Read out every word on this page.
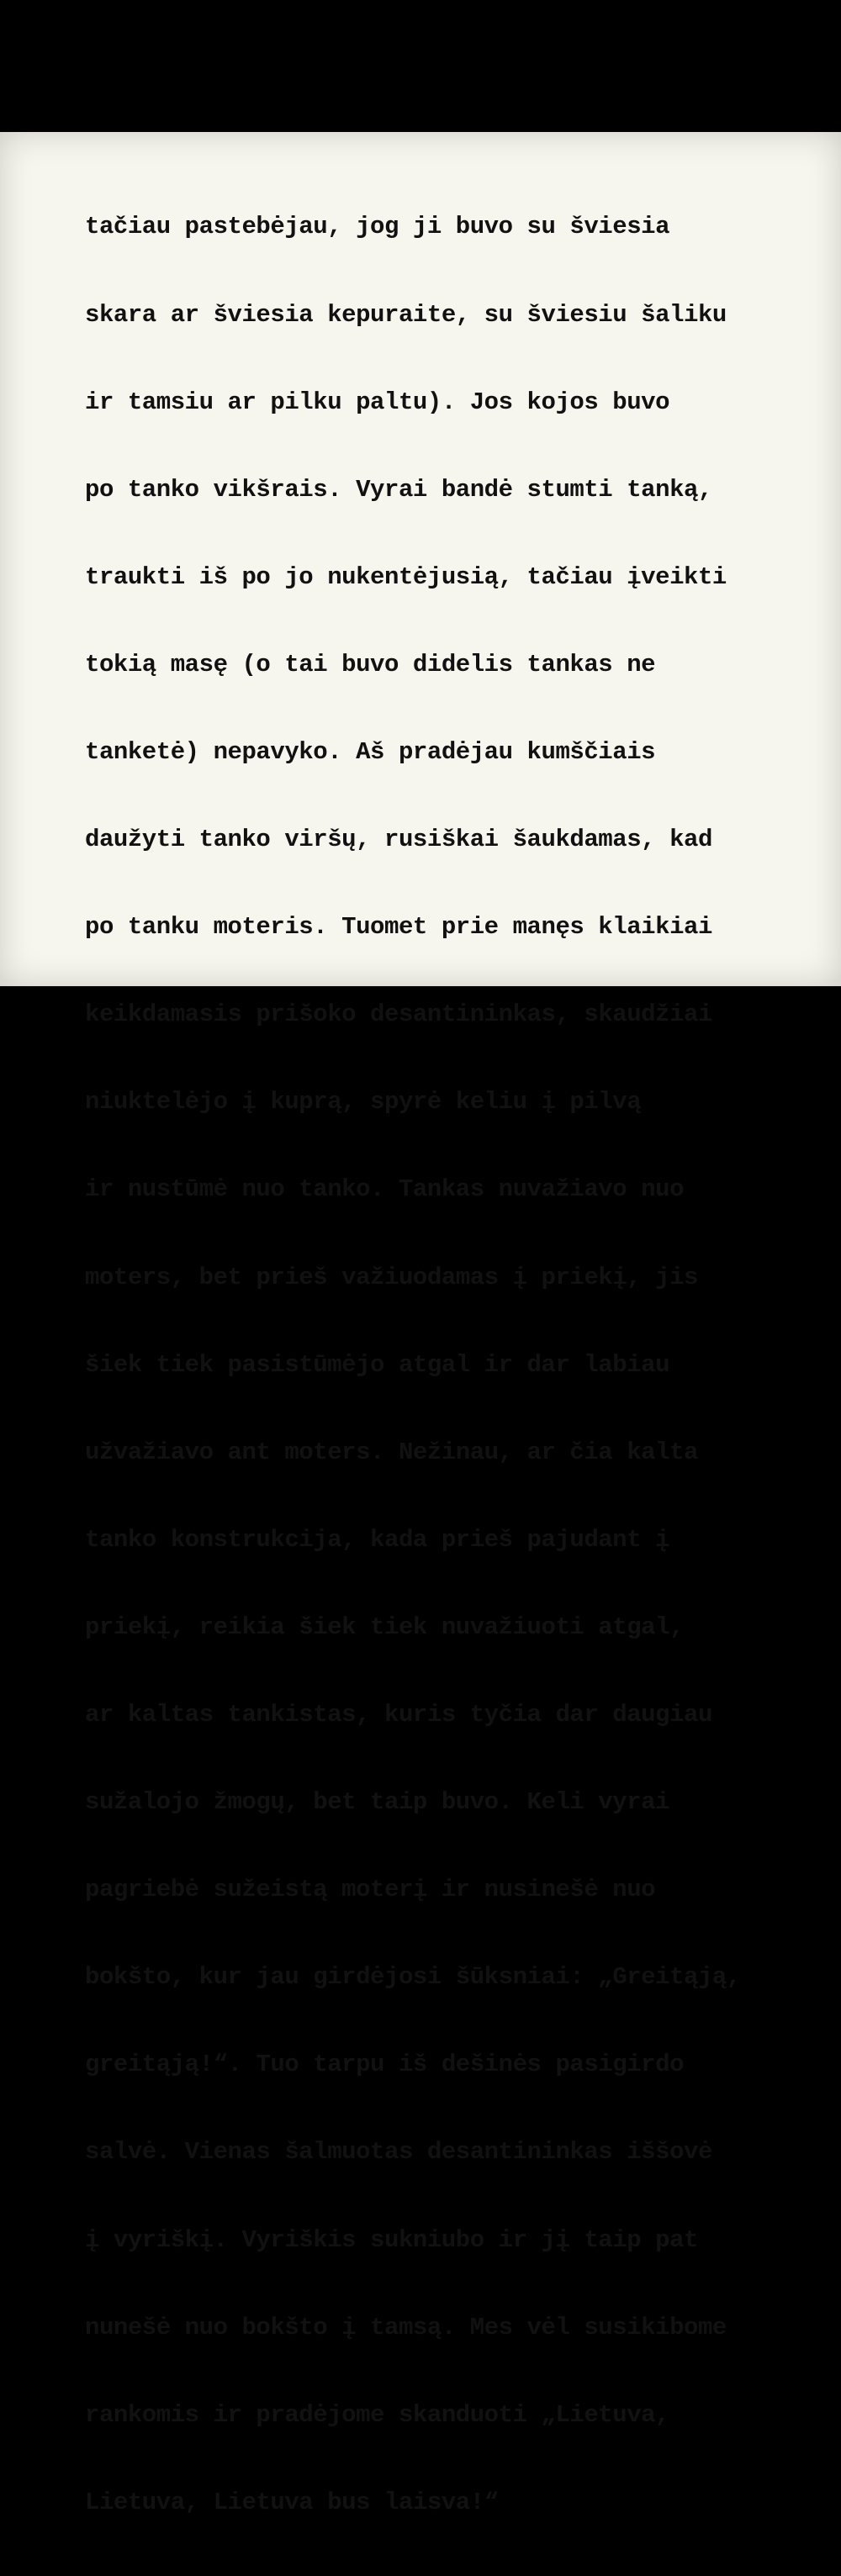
tačiau pastebėjau, jog ji buvo su šviesia

skara ar šviesia kepuraite, su šviesiu šaliku

ir tamsiu ar pilku paltu). Jos kojos buvo

po tanko vikšrais. Vyrai bandė stumti tanką,

traukti iš po jo nukentėjusią, tačiau įveikti

tokią masę (o tai buvo didelis tankas ne

tanketė) nepavyko. Aš pradėjau kumščiais

daužyti tanko viršų, rusiškai šaukdamas, kad

po tanku moteris. Tuomet prie manęs klaikiai

keikdamasis prišoko desantininkas, skaudžiai

niuktelėjo į kuprą, spyrė keliu į pilvą

ir nustūmė nuo tanko. Tankas nuvažiavo nuo

moters, bet prieš važiuodamas į priekį, jis

šiek tiek pasistūmėjo atgal ir dar labiau

užvažiavo ant moters. Nežinau, ar čia kalta

tanko konstrukcija, kada prieš pajudant į

priekį, reikia šiek tiek nuvažiuoti atgal,

ar kaltas tankistas, kuris tyčia dar daugiau

sužalojo žmogų, bet taip buvo. Keli vyrai

pagriebė sužeistą moterį ir nusinešė nuo

bokšto, kur jau girdėjosi šūksniai: „Greitąją,

greitąją!“. Tuo tarpu iš dešinės pasigirdo

salvė. Vienas šalmuotas desantininkas iššovė

į vyriškį. Vyriškis sukniubo ir jį taip pat

nunešė nuo bokšto į tamsą. Mes vėl susikibome

rankomis ir pradėjome skanduoti „Lietuva,

Lietuva, Lietuva bus laisva!“
